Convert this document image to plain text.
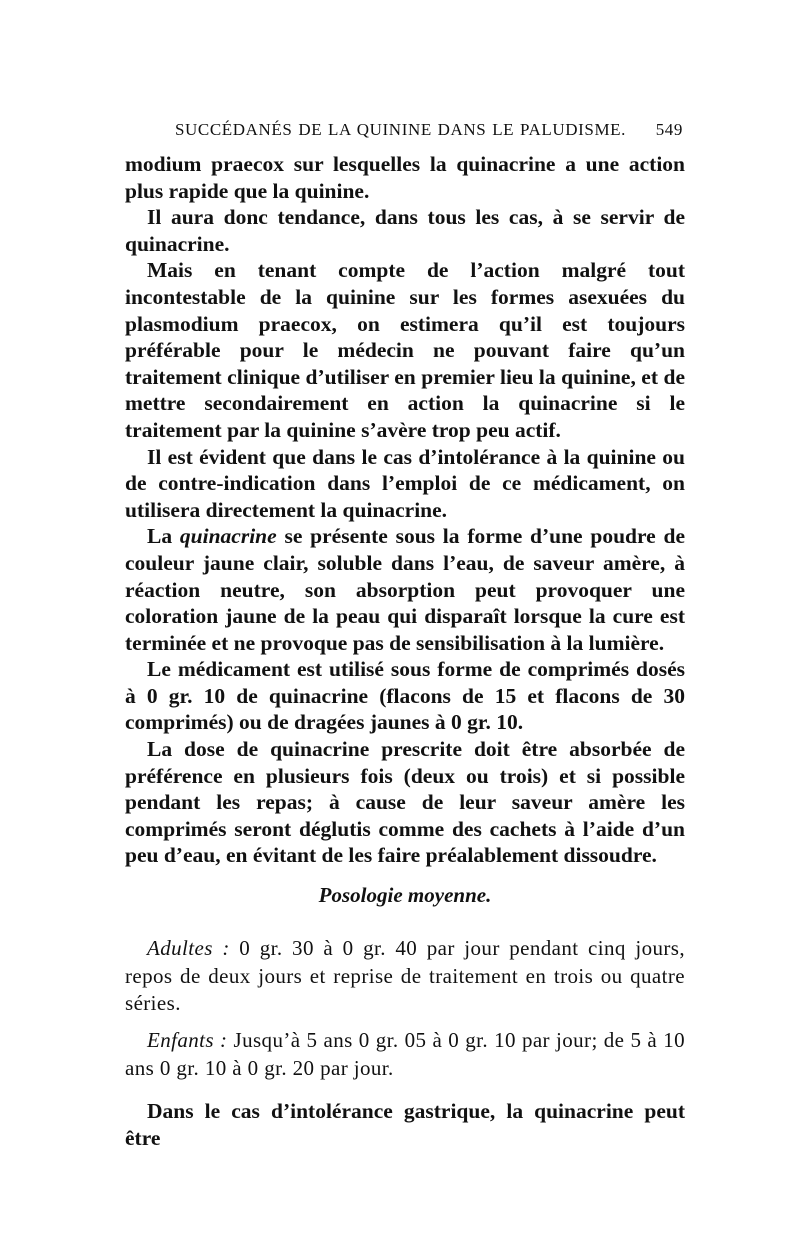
SUCCÉDANÉS DE LA QUININE DANS LE PALUDISME. 549

modium praecox sur lesquelles la quinacrine a une action plus rapide que la quinine.

Il aura donc tendance, dans tous les cas, à se servir de quinacrine.

Mais en tenant compte de l’action malgré tout incontestable de la quinine sur les formes asexuées du plasmodium praecox, on estimera qu’il est toujours préférable pour le médecin ne pouvant faire qu’un traitement clinique d’utiliser en premier lieu la quinine, et de mettre secondairement en action la quinacrine si le traitement par la quinine s’avère trop peu actif.

Il est évident que dans le cas d’intolérance à la quinine ou de contre-indication dans l’emploi de ce médicament, on utilisera directement la quinacrine.

La quinacrine se présente sous la forme d’une poudre de couleur jaune clair, soluble dans l’eau, de saveur amère, à réaction neutre, son absorption peut provoquer une coloration jaune de la peau qui disparaît lorsque la cure est terminée et ne provoque pas de sensibilisation à la lumière.

Le médicament est utilisé sous forme de comprimés dosés à 0 gr. 10 de quinacrine (flacons de 15 et flacons de 30 comprimés) ou de dragées jaunes à 0 gr. 10.

La dose de quinacrine prescrite doit être absorbée de préférence en plusieurs fois (deux ou trois) et si possible pendant les repas; à cause de leur saveur amère les comprimés seront déglutis comme des cachets à l’aide d’un peu d’eau, en évitant de les faire préalablement dissoudre.

Posologie moyenne.

Adultes : 0 gr. 30 à 0 gr. 40 par jour pendant cinq jours, repos de deux jours et reprise de traitement en trois ou quatre séries.

Enfants : Jusqu’à 5 ans 0 gr. 05 à 0 gr. 10 par jour; de 5 à 10 ans 0 gr. 10 à 0 gr. 20 par jour.

Dans le cas d’intolérance gastrique, la quinacrine peut être
